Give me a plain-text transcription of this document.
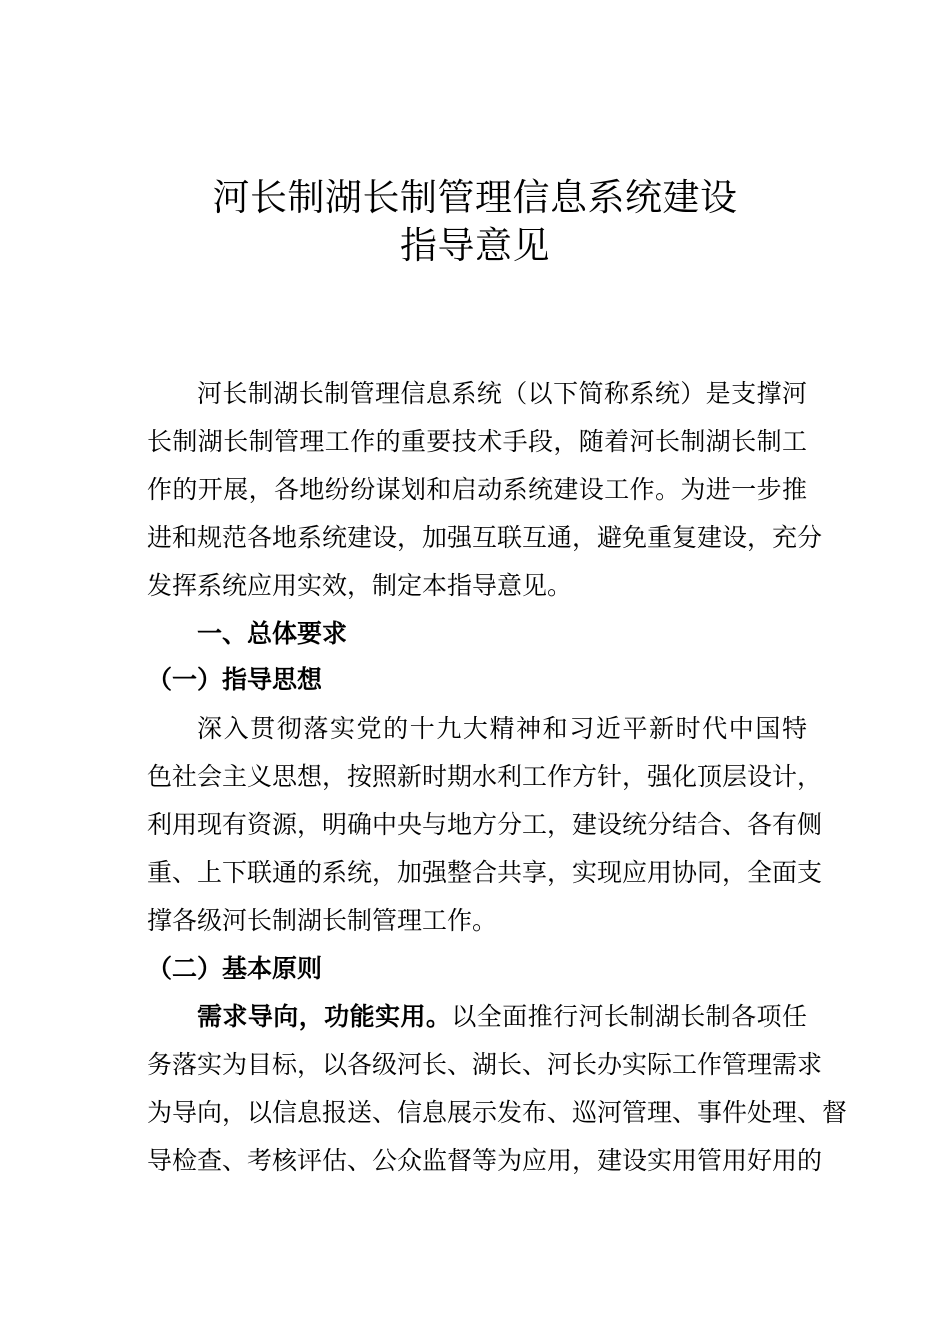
河长制湖长制管理信息系统建设
指导意见
河长制湖长制管理信息系统（以下简称系统）是支撑河
长制湖长制管理工作的重要技术手段，随着河长制湖长制工
作的开展，各地纷纷谋划和启动系统建设工作。为进一步推
进和规范各地系统建设，加强互联互通，避免重复建设，充分
发挥系统应用实效，制定本指导意见。
一、总体要求
（一）指导思想
深入贯彻落实党的十九大精神和习近平新时代中国特
色社会主义思想，按照新时期水利工作方针，强化顶层设计，
利用现有资源，明确中央与地方分工，建设统分结合、各有侧
重、上下联通的系统，加强整合共享，实现应用协同，全面支
撑各级河长制湖长制管理工作。
（二）基本原则
需求导向，功能实用。以全面推行河长制湖长制各项任
务落实为目标，以各级河长、湖长、河长办实际工作管理需求
为导向，以信息报送、信息展示发布、巡河管理、事件处理、督
导检查、考核评估、公众监督等为应用，建设实用管用好用的
